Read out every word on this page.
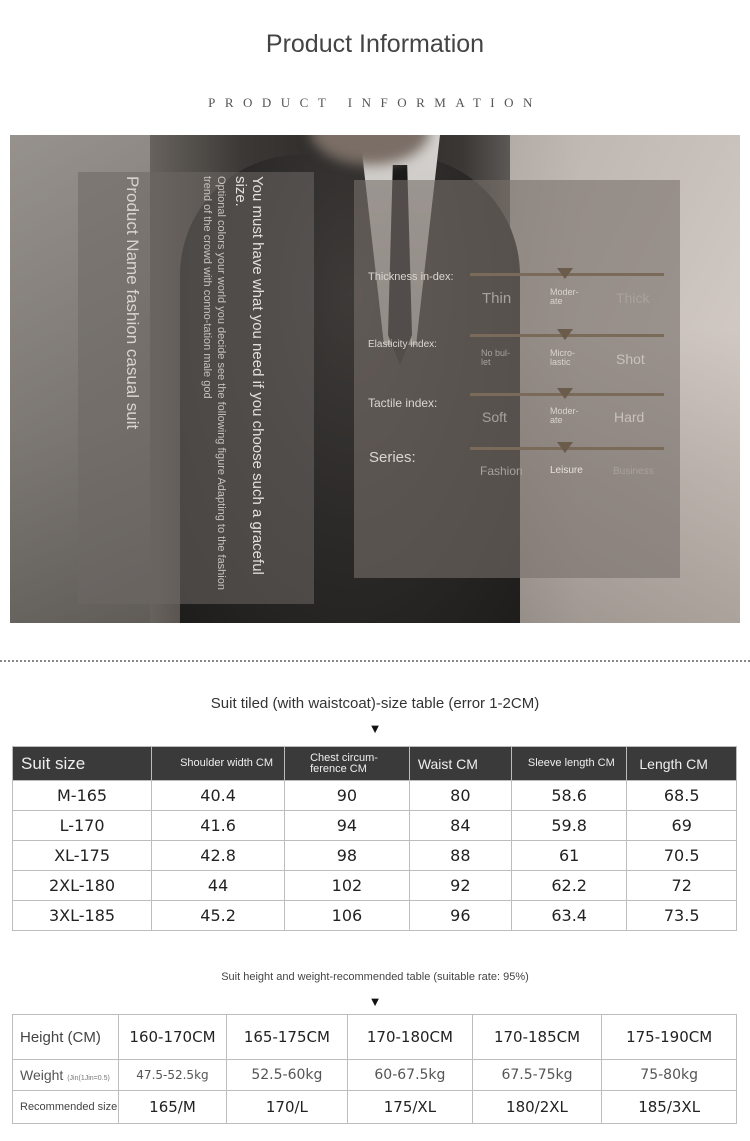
Product Information
PRODUCT INFORMATION
Product Name fashion casual suit	Optional colors your world you decide see the following figure Adapting to the fashion trend of the crowd with conno-tation male god	You must have what you need if you choose such a graceful size.
Thickness in-dex:
Thin	Moder-ate	Thick
Elasticity index:
No bul-let
Micro-lastic	Shot
Tactile index:
Soft	Moder-ate	Hard
Series:
Fashion	Leisure	Business
Suit tiled (with waistcoat)-size table (error 1-2CM)
▼
Suit size	Shoulder width CM	Chest circum-ference CM	Waist CM	Sleeve length CM	Length CM
M-165	40.4	90	80	58.6	68.5
L-170	41.6	94	84	59.8	69
XL-175	42.8	98	88	61	70.5
2XL-180	44	102	92	62.2	72
3XL-185	45.2	106	96	63.4	73.5
Suit height and weight-recommended table (suitable rate: 95%)
▼
Height (CM)	160-170CM	165-175CM	170-180CM	170-185CM	175-190CM
Weight (Jin(1Jin=0.5)	47.5-52.5kg	52.5-60kg	60-67.5kg	67.5-75kg	75-80kg
Recommended size	165/M	170/L	175/XL	180/2XL	185/3XL
